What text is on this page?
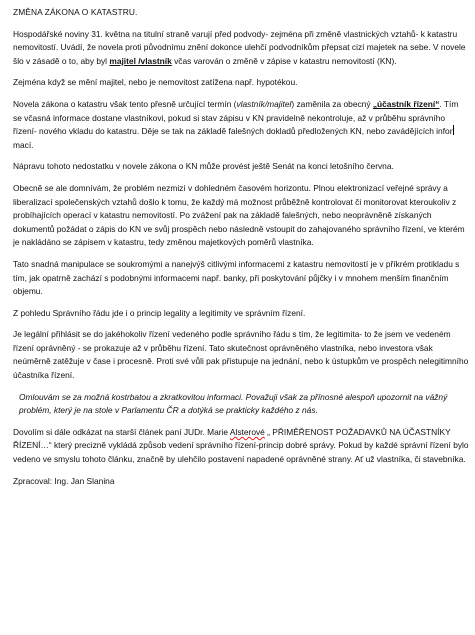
ZMĚNA ZÁKONA O KATASTRU.

Hospodářské noviny 31. května na titulní straně varují před podvody- zejména při změně vlastnických vztahů- k katastru nemovitostí. Uvádí, že novela proti původnímu znění dokonce ulehčí podvodníkům přepsat cizí majetek na sebe. V novele šlo v zásadě o to, aby byl majitel /vlastník včas varován o změně v zápise v katastru nemovitostí (KN).

Zejména když se mění majitel, nebo je nemovitost zatížena např. hypotékou.

Novela zákona o katastru však tento přesně určující termín (vlastník/majitel) zaměnila za obecný „účastník řízení“. Tím se včasná informace dostane vlastníkovi, pokud si stav zápisu v KN pravidelně nekontroluje, až v průběhu správního řízení- nového vkladu do katastru. Děje se tak na základě falešných dokladů předložených KN, nebo zavádějících informací.

Nápravu tohoto nedostatku v novele zákona o KN může provést ještě Senát na konci letošního června.

Obecně se ale domnívám, že problém nezmizí v dohledném časovém horizontu. Plnou elektronizací veřejné správy a liberalizací společenských vztahů došlo k tomu, že každý má možnost průběžně kontrolovat či monitorovat kteroukoliv z probíhajících operací v katastru nemovitostí. Po zvážení pak na základě falešných, nebo neoprávněně získaných dokumentů požádat o zápis do KN ve svůj prospěch nebo následně vstoupit do zahajovaného správního řízení, ve kterém je nakládáno se zápisem v katastru, tedy změnou majetkových poměrů vlastníka.

Tato snadná manipulace se soukromými a nanejvýš citlivými informacemi z katastru nemovitostí je v příkrém protikladu s tím, jak opatrně zachází s podobnými informacemi např. banky, při poskytování půjčky i v mnohem menším finančním objemu.

Z pohledu Správního řádu jde i o princip legality a legitimity ve správním řízení.

Je legální přihlásit se do jakéhokoliv řízení vedeného podle správního řádu s tím, že legitimita- to že jsem ve vedeném řízení oprávněný - se prokazuje až v průběhu řízení. Tato skutečnost oprávněného vlastníka, nebo investora však neúměrně zatěžuje v čase i procesně. Proti své vůli pak přistupuje na jednání, nebo k ústupkům ve prospěch nelegitimního účastníka řízení.

Omlouvám se za možná kostrbatou a zkratkovitou informaci. Považuji však za přínosné alespoň upozornit na vážný problém, který je na stole v Parlamentu ČR a dotýká se prakticky každého z nás.

Dovolím si dále odkázat na starší článek paní JUDr. Marie Alsterové „ PŘIMĚŘENOST POŽADAVKŮ NA ÚČASTNÍKY ŘÍZENÍ…“ který precizně vykládá způsob vedení správního řízení-princip dobré správy. Pokud by každé správní řízení bylo vedeno ve smyslu tohoto článku, značně by ulehčilo postavení napadené oprávněné strany. Ať už vlastníka, či stavebníka.

Zpracoval: Ing. Jan Slanina
